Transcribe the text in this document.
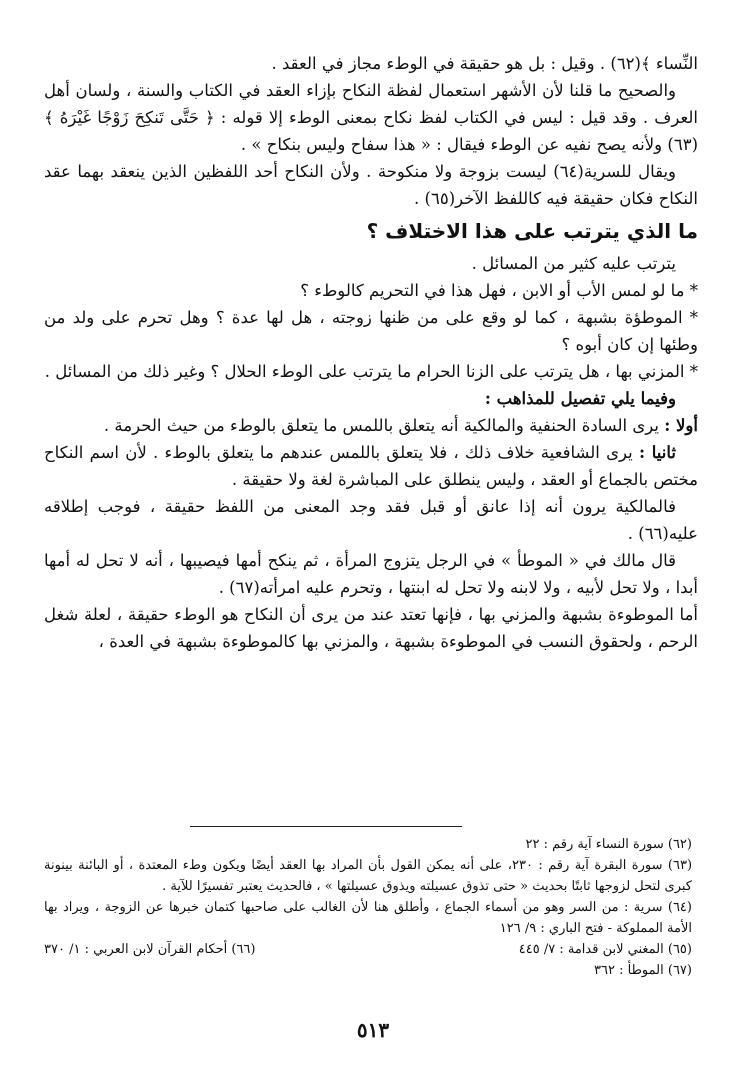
النِّساء ﴾(٦٢) . وقيل : بل هو حقيقة في الوطء مجاز في العقد .

والصحيح ما قلنا لأن الأشهر استعمال لفظة النكاح بإزاء العقد في الكتاب والسنة ، ولسان أهل العرف . وقد قيل : ليس في الكتاب لفظ نكاح بمعنى الوطء إلا قوله : ﴿ حَتَّى تَنكِحَ زَوْجًا غَيْرَهُ ﴾(٦٣) ولأنه يصح نفيه عن الوطء فيقال : « هذا سفاح وليس بنكاح » .

ويقال للسرية(٦٤) ليست بزوجة ولا منكوحة . ولأن النكاح أحد اللفظين الذين ينعقد بهما عقد النكاح فكان حقيقة فيه كاللفظ الآخر(٦٥) .

ما الذي يترتب على هذا الاختلاف ؟

يترتب عليه كثير من المسائل .

* ما لو لمس الأب أو الابن ، فهل هذا في التحريم كالوطء ؟

* الموطؤة بشبهة ، كما لو وقع على من ظنها زوجته ، هل لها عدة ؟ وهل تحرم على ولد من وطئها إن كان أبوه ؟

* المزني بها ، هل يترتب على الزنا الحرام ما يترتب على الوطء الحلال ؟ وغير ذلك من المسائل .

وفيما يلي تفصيل للمذاهب :

أولا : يرى السادة الحنفية والمالكية أنه يتعلق باللمس ما يتعلق بالوطء من حيث الحرمة .

ثانيا : يرى الشافعية خلاف ذلك ، فلا يتعلق باللمس عندهم ما يتعلق بالوطء . لأن اسم النكاح مختص بالجماع أو العقد ، وليس ينطلق على المباشرة لغة ولا حقيقة .

فالمالكية يرون أنه إذا عانق أو قبل فقد وجد المعنى من اللفظ حقيقة ، فوجب إطلاقه عليه(٦٦) .

قال مالك في « الموطأ » في الرجل يتزوج المرأة ، ثم ينكح أمها فيصيبها ، أنه لا تحل له أمها أبدا ، ولا تحل لأبيه ، ولا لابنه ولا تحل له ابنتها ، وتحرم عليه امرأته(٦٧) .

أما الموطوءة بشبهة والمزني بها ، فإنها تعتد عند من يرى أن النكاح هو الوطء حقيقة ، لعلة شغل الرحم ، ولحقوق النسب في الموطوءة بشبهة ، والمزني بها كالموطوءة بشبهة في العدة ،

(٦٢) سورة النساء آية رقم : ٢٢

(٦٣) سورة البقرة آية رقم : ٢٣٠، على أنه يمكن القول بأن المراد بها العقد أيضًا ويكون وطء المعتدة ، أو البائنة بينونة كبرى لتحل لزوجها ثابتًا بحديث « حتى تذوق عسيلته ويذوق عسيلتها » ، فالحديث يعتبر تفسيرًا للآية .

(٦٤) سرية : من السر وهو من أسماء الجماع ، وأطلق هنا لأن الغالب على صاحبها كتمان خبرها عن الزوجة ، ويراد بها الأمة المملوكة - فتح الباري : ٩/ ١٢٦

(٦٥) المغني لابن قدامة : ٧/ ٤٤٥
(٦٦) أحكام القرآن لابن العربي : ١/ ٣٧٠

(٦٧) الموطأ : ٣٦٢

٥١٣
